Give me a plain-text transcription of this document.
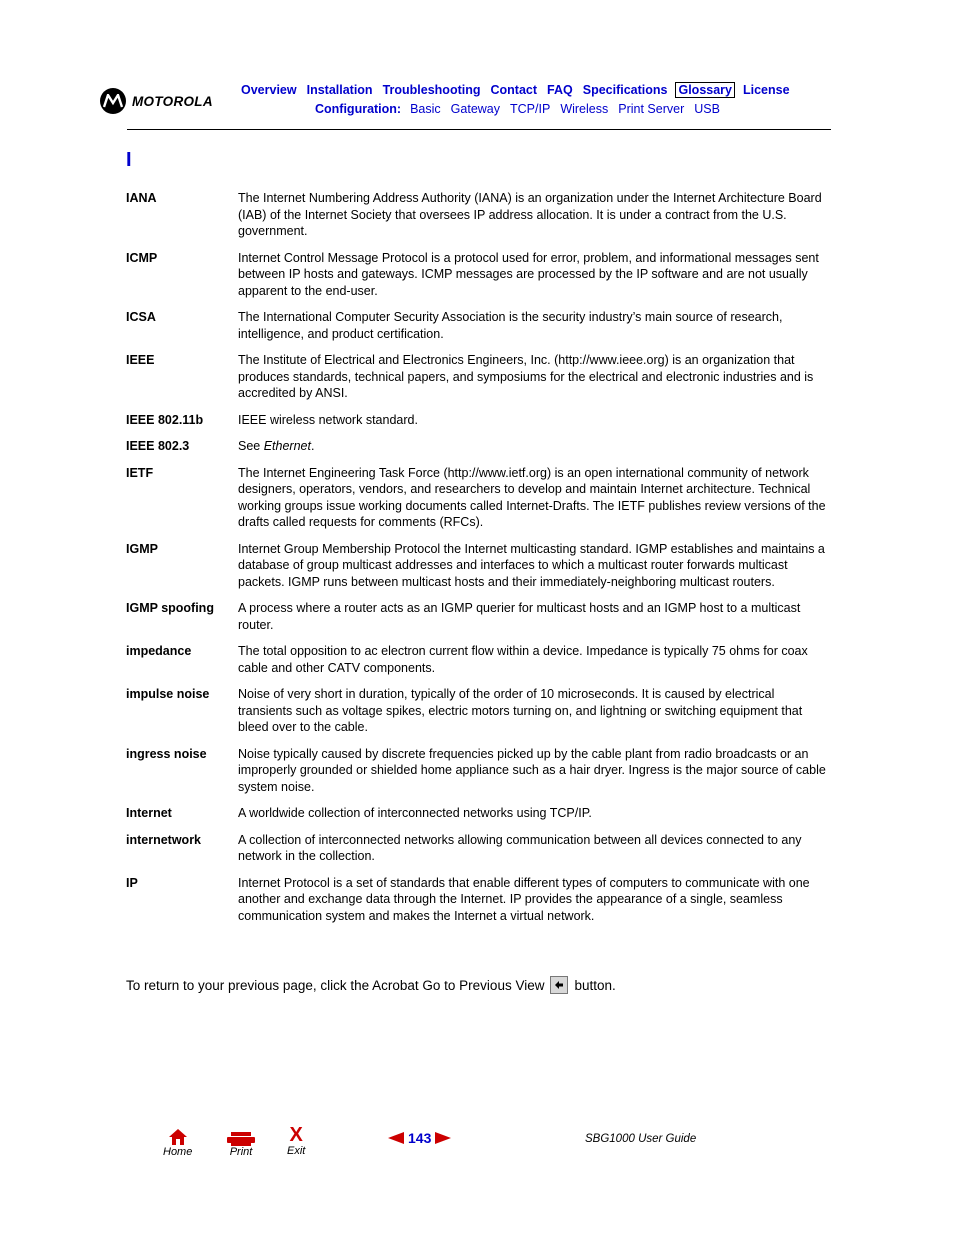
MOTOROLA
Overview Installation Troubleshooting Contact FAQ Specifications Glossary License
Configuration: Basic Gateway TCP/IP Wireless Print Server USB
I
IANA	The Internet Numbering Address Authority (IANA) is an organization under the Internet Architecture Board (IAB) of the Internet Society that oversees IP address allocation. It is under a contract from the U.S. government.
ICMP	Internet Control Message Protocol is a protocol used for error, problem, and informational messages sent between IP hosts and gateways. ICMP messages are processed by the IP software and are not usually apparent to the end-user.
ICSA	The International Computer Security Association is the security industry’s main source of research, intelligence, and product certification.
IEEE	The Institute of Electrical and Electronics Engineers, Inc. (http://www.ieee.org) is an organization that produces standards, technical papers, and symposiums for the electrical and electronic industries and is accredited by ANSI.
IEEE 802.11b	IEEE wireless network standard.
IEEE 802.3	See Ethernet.
IETF	The Internet Engineering Task Force (http://www.ietf.org) is an open international community of network designers, operators, vendors, and researchers to develop and maintain Internet architecture. Technical working groups issue working documents called Internet-Drafts. The IETF publishes review versions of the drafts called requests for comments (RFCs).
IGMP	Internet Group Membership Protocol the Internet multicasting standard. IGMP establishes and maintains a database of group multicast addresses and interfaces to which a multicast router forwards multicast packets. IGMP runs between multicast hosts and their immediately-neighboring multicast routers.
IGMP spoofing	A process where a router acts as an IGMP querier for multicast hosts and an IGMP host to a multicast router.
impedance	The total opposition to ac electron current flow within a device. Impedance is typically 75 ohms for coax cable and other CATV components.
impulse noise	Noise of very short in duration, typically of the order of 10 microseconds. It is caused by electrical transients such as voltage spikes, electric motors turning on, and lightning or switching equipment that bleed over to the cable.
ingress noise	Noise typically caused by discrete frequencies picked up by the cable plant from radio broadcasts or an improperly grounded or shielded home appliance such as a hair dryer. Ingress is the major source of cable system noise.
Internet	A worldwide collection of interconnected networks using TCP/IP.
internetwork	A collection of interconnected networks allowing communication between all devices connected to any network in the collection.
IP	Internet Protocol is a set of standards that enable different types of computers to communicate with one another and exchange data through the Internet. IP provides the appearance of a single, seamless communication system and makes the Internet a virtual network.
To return to your previous page, click the Acrobat Go to Previous View button.
Home	Print
X
Exit
143	SBG1000 User Guide
